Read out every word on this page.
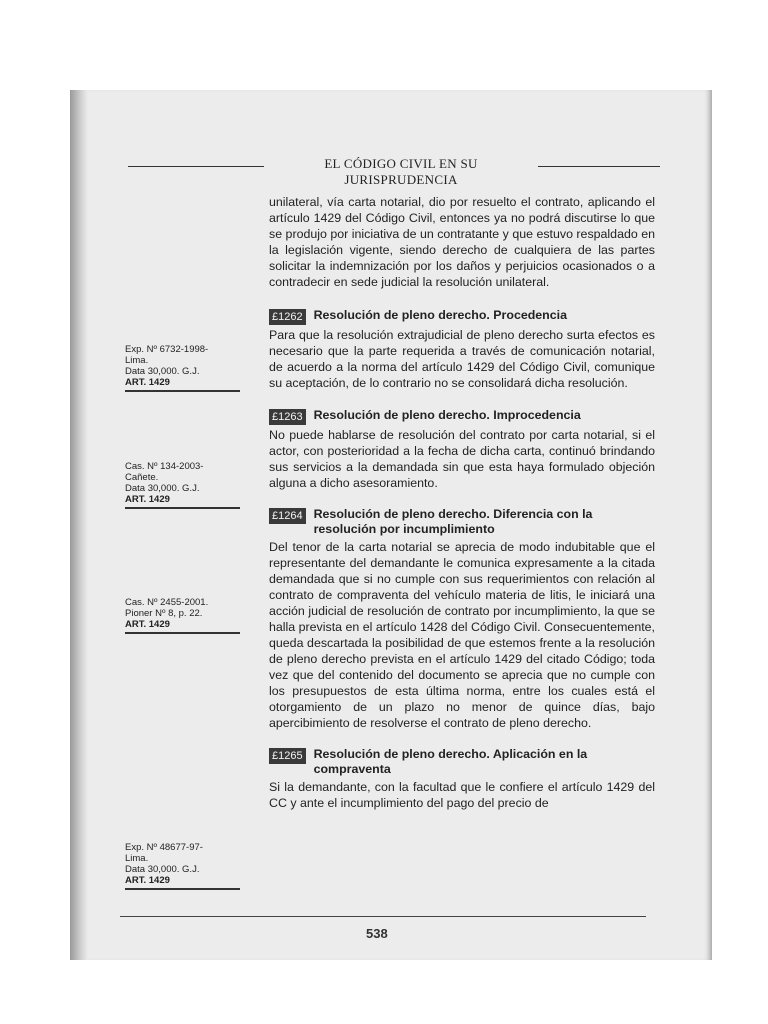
EL CÓDIGO CIVIL EN SU JURISPRUDENCIA

unilateral, vía carta notarial, dio por resuelto el contrato, aplicando el artículo 1429 del Código Civil, entonces ya no podrá discutirse lo que se produjo por iniciativa de un contratante y que estuvo respaldado en la legislación vigente, siendo derecho de cualquiera de las partes solicitar la indemnización por los daños y perjuicios ocasionados o a contradecir en sede judicial la resolución unilateral.

£1262 Resolución de pleno derecho. Procedencia

Para que la resolución extrajudicial de pleno derecho surta efectos es necesario que la parte requerida a través de comunicación notarial, de acuerdo a la norma del artículo 1429 del Código Civil, comunique su aceptación, de lo contrario no se consolidará dicha resolución.

£1263 Resolución de pleno derecho. Improcedencia

No puede hablarse de resolución del contrato por carta notarial, si el actor, con posterioridad a la fecha de dicha carta, continuó brindando sus servicios a la demandada sin que esta haya formulado objeción alguna a dicho asesoramiento.

£1264 Resolución de pleno derecho. Diferencia con la resolución por incumplimiento

Del tenor de la carta notarial se aprecia de modo indubitable que el representante del demandante le comunica expresamente a la citada demandada que si no cumple con sus requerimientos con relación al contrato de compraventa del vehículo materia de litis, le iniciará una acción judicial de resolución de contrato por incumplimiento, la que se halla prevista en el artículo 1428 del Código Civil. Consecuentemente, queda descartada la posibilidad de que estemos frente a la resolución de pleno derecho prevista en el artículo 1429 del citado Código; toda vez que del contenido del documento se aprecia que no cumple con los presupuestos de esta última norma, entre los cuales está el otorgamiento de un plazo no menor de quince días, bajo apercibimiento de resolverse el contrato de pleno derecho.

£1265 Resolución de pleno derecho. Aplicación en la compraventa

Si la demandante, con la facultad que le confiere el artículo 1429 del CC y ante el incumplimiento del pago del precio de

Exp. Nº 6732-1998-
Lima.
Data 30,000. G.J.
ART. 1429
Cas. Nº 134-2003-
Cañete.
Data 30,000. G.J.
ART. 1429
Cas. Nº 2455-2001.
Pioner Nº 8, p. 22.
ART. 1429
Exp. Nº 48677-97-
Lima.
Data 30,000. G.J.
ART. 1429
538
